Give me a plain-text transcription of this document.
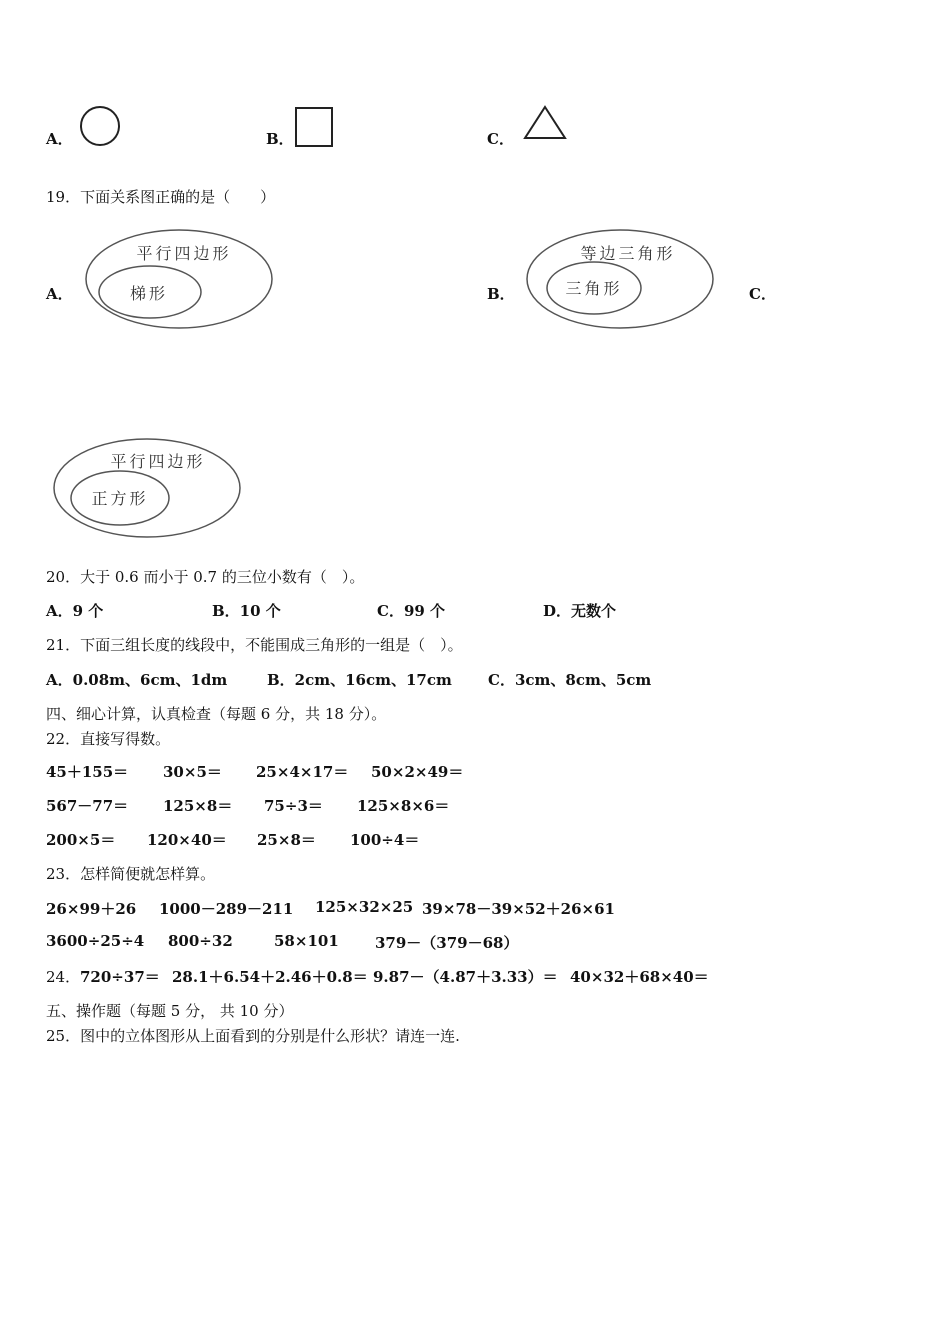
A．	B．	C．
19．下面关系图正确的是（　　）
A．
平行四边形
梯形	B．
等边三角形
三角形	C．
平行四边形
正方形
20．大于 0.6 而小于 0.7 的三位小数有（　）。
A．9 个	B．10 个	C．99 个	D．无数个
21．下面三组长度的线段中，不能围成三角形的一组是（　）。
A．0.08m、6cm、1dm	B．2cm、16cm、17cm C．3cm、8cm、5cm
四、细心计算，认真检查（每题 6 分，共 18 分）。
22．直接写得数。
45＋155＝ 30×5＝ 25×4×17＝ 50×2×49＝
567－77＝ 125×8＝ 75÷3＝ 125×8×6＝
200×5＝ 120×40＝ 25×8＝ 100÷4＝
23．怎样简便就怎样算。
26×99＋26 1000－289－211 125×32×25 39×78－39×52＋26×61
3600÷25÷4 800÷32	58×101 379－（379－68）
24． 720÷37＝ 28.1＋6.54＋2.46＋0.8＝ 9.87－（4.87＋3.33）＝ 40×32＋68×40＝
五、操作题（每题 5 分， 共 10 分）
25．图中的立体图形从上面看到的分别是什么形状？请连一连.
